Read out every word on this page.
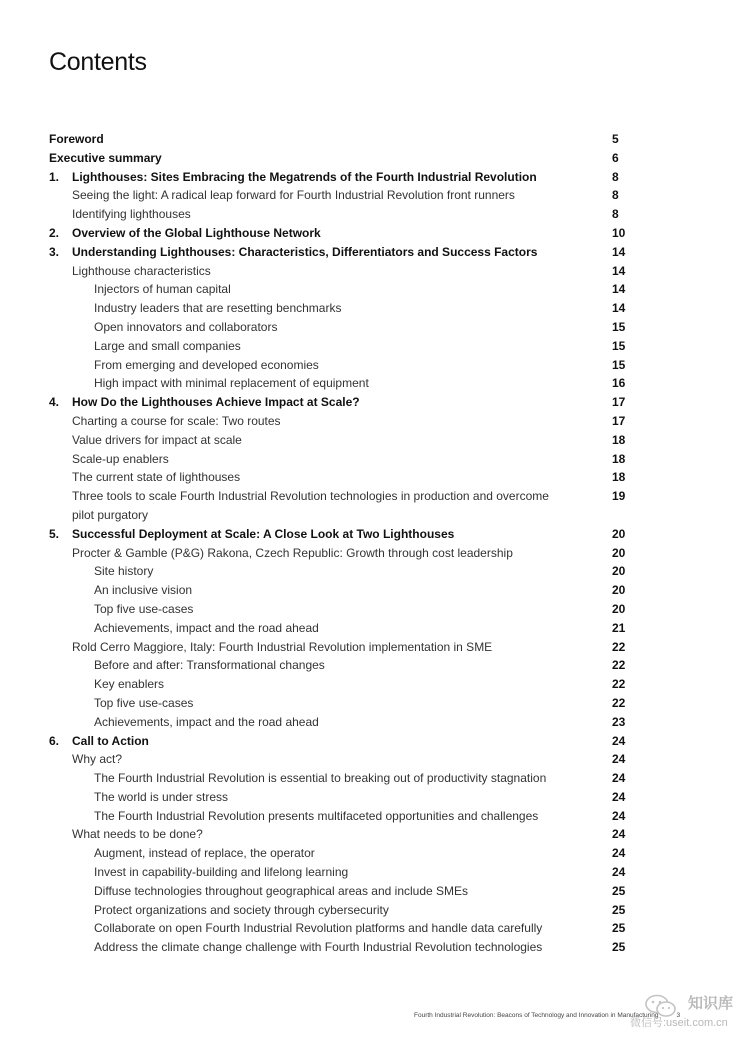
Contents
Foreword	5
Executive summary	6
1. Lighthouses: Sites Embracing the Megatrends of the Fourth Industrial Revolution	8
Seeing the light: A radical leap forward for Fourth Industrial Revolution front runners	8
Identifying lighthouses	8
2. Overview of the Global Lighthouse Network	10
3. Understanding Lighthouses: Characteristics, Differentiators and Success Factors	14
Lighthouse characteristics	14
Injectors of human capital	14
Industry leaders that are resetting benchmarks	14
Open innovators and collaborators	15
Large and small companies	15
From emerging and developed economies	15
High impact with minimal replacement of equipment	16
4. How Do the Lighthouses Achieve Impact at Scale?	17
Charting a course for scale: Two routes	17
Value drivers for impact at scale	18
Scale-up enablers	18
The current state of lighthouses	18
Three tools to scale Fourth Industrial Revolution technologies in production and overcome pilot purgatory
19
5. Successful Deployment at Scale: A Close Look at Two Lighthouses	20
Procter & Gamble (P&G) Rakona, Czech Republic: Growth through cost leadership	20
Site history	20
An inclusive vision	20
Top five use-cases	20
Achievements, impact and the road ahead	21
Rold Cerro Maggiore, Italy: Fourth Industrial Revolution implementation in SME	22
Before and after: Transformational changes	22
Key enablers	22
Top five use-cases	22
Achievements, impact and the road ahead	23
6. Call to Action	24
Why act?	24
The Fourth Industrial Revolution is essential to breaking out of productivity stagnation	24
The world is under stress	24
The Fourth Industrial Revolution presents multifaceted opportunities and challenges	24
What needs to be done?	24
Augment, instead of replace, the operator	24
Invest in capability-building and lifelong learning	24
Diffuse technologies throughout geographical areas and include SMEs	25
Protect organizations and society through cybersecurity	25
Collaborate on open Fourth Industrial Revolution platforms and handle data carefully	25
Address the climate change challenge with Fourth Industrial Revolution technologies	25
Fourth Industrial Revolution: Beacons of Technology and Innovation in Manufacturing	3
知识库
微信号:useit.com.cn
